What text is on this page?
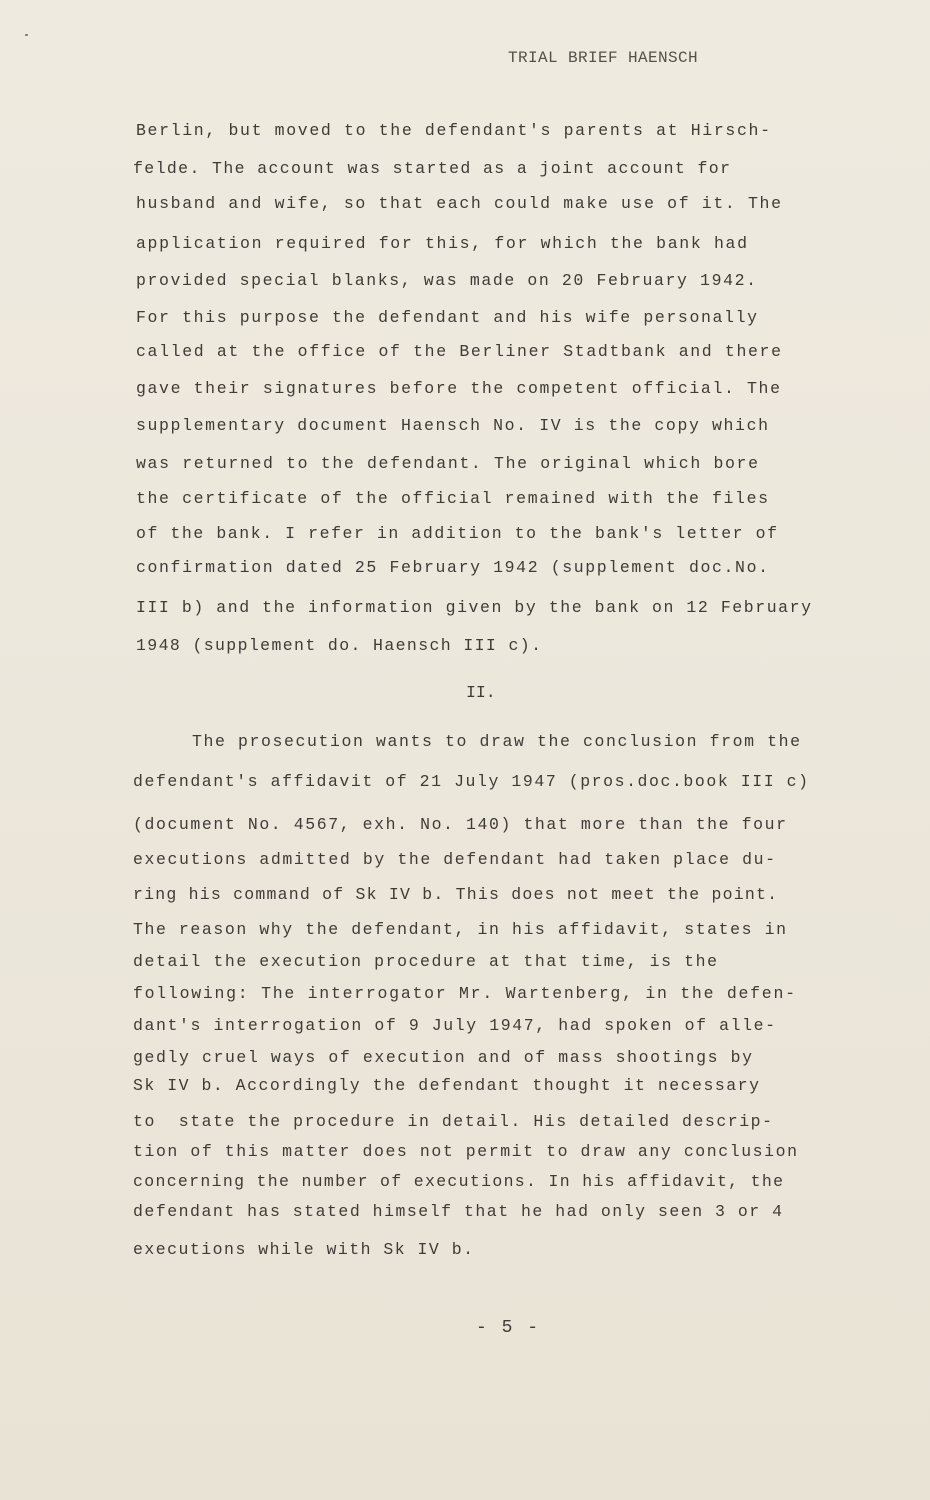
TRIAL BRIEF HAENSCH
Berlin, but moved to the defendant's parents at Hirsch-
felde. The account was started as a joint account for
husband and wife, so that each could make use of it. The
application required for this, for which the bank had
provided special blanks, was made on 20 February 1942.
For this purpose the defendant and his wife personally
called at the office of the Berliner Stadtbank and there
gave their signatures before the competent official. The
supplementary document Haensch No. IV is the copy which
was returned to the defendant. The original which bore
the certificate of the official remained with the files
of the bank. I refer in addition to the bank's letter of
confirmation dated 25 February 1942 (supplement doc.No.
III b) and the information given by the bank on 12 February
1948 (supplement do. Haensch III c).
II.
The prosecution wants to draw the conclusion from the
defendant's affidavit of 21 July 1947 (pros.doc.book III c)
(document No. 4567, exh. No. 140) that more than the four
executions admitted by the defendant had taken place du-
ring his command of Sk IV b. This does not meet the point.
The reason why the defendant, in his affidavit, states in
detail the execution procedure at that time, is the
following: The interrogator Mr. Wartenberg, in the defen-
dant's interrogation of 9 July 1947, had spoken of alle-
gedly cruel ways of execution and of mass shootings by
Sk IV b. Accordingly the defendant thought it necessary
to  state the procedure in detail. His detailed descrip-
tion of this matter does not permit to draw any conclusion
concerning the number of executions. In his affidavit, the
defendant has stated himself that he had only seen 3 or 4
executions while with Sk IV b.
- 5 -
